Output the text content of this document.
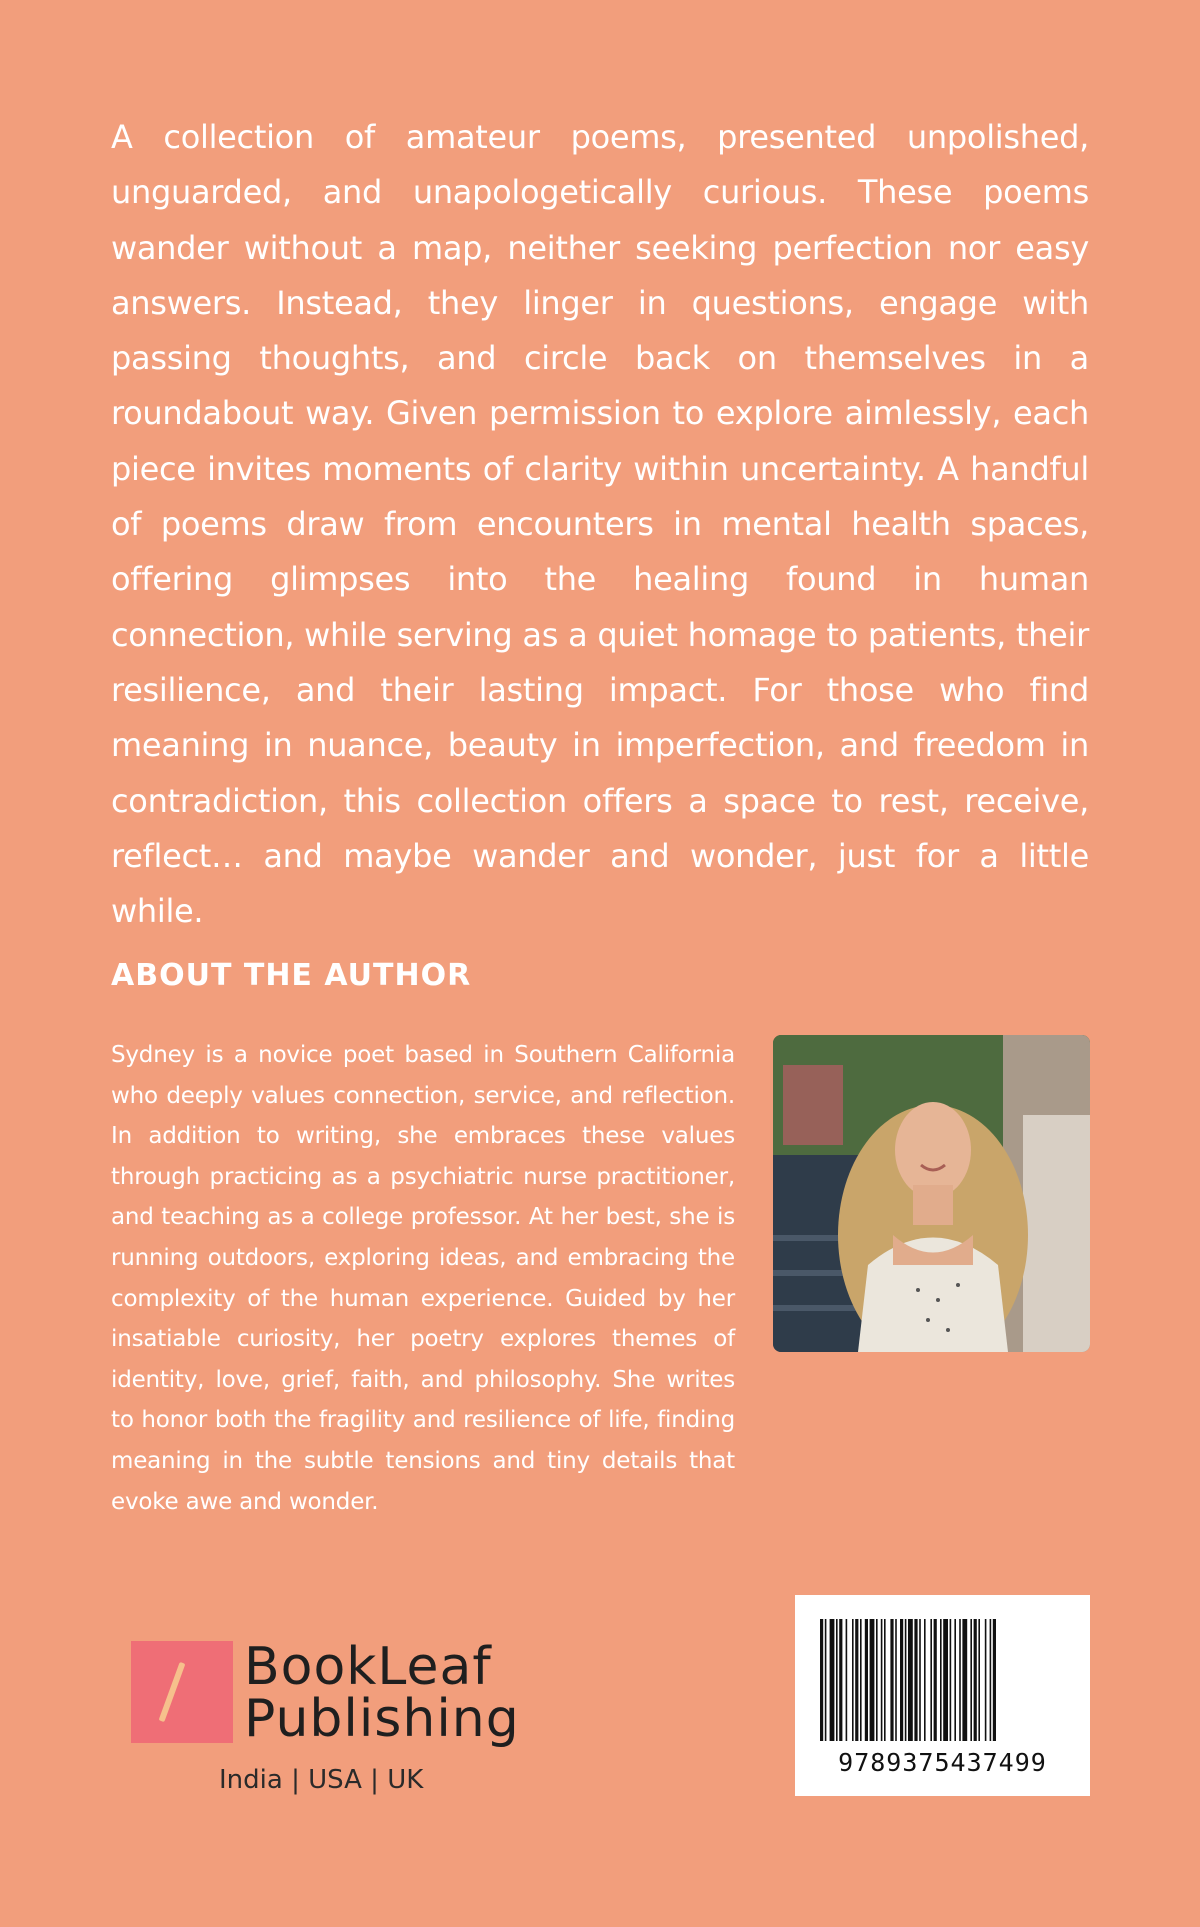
A collection of amateur poems, presented unpolished, unguarded, and unapologetically curious. These poems wander without a map, neither seeking perfection nor easy answers. Instead, they linger in questions, engage with passing thoughts, and circle back on themselves in a roundabout way. Given permission to explore aimlessly, each piece invites moments of clarity within uncertainty. A handful of poems draw from encounters in mental health spaces, offering glimpses into the healing found in human connection, while serving as a quiet homage to patients, their resilience, and their lasting impact. For those who find meaning in nuance, beauty in imperfection, and freedom in contradiction, this collection offers a space to rest, receive, reflect… and maybe wander and wonder, just for a little while.

ABOUT THE AUTHOR

Sydney is a novice poet based in Southern California who deeply values connection, service, and reflection. In addition to writing, she embraces these values through practicing as a psychiatric nurse practitioner, and teaching as a college professor. At her best, she is running outdoors, exploring ideas, and embracing the complexity of the human experience. Guided by her insatiable curiosity, her poetry explores themes of identity, love, grief, faith, and philosophy. She writes to honor both the fragility and resilience of life, finding meaning in the subtle tensions and tiny details that evoke awe and wonder.

BookLeaf
Publishing
India | USA | UK
9789375437499
